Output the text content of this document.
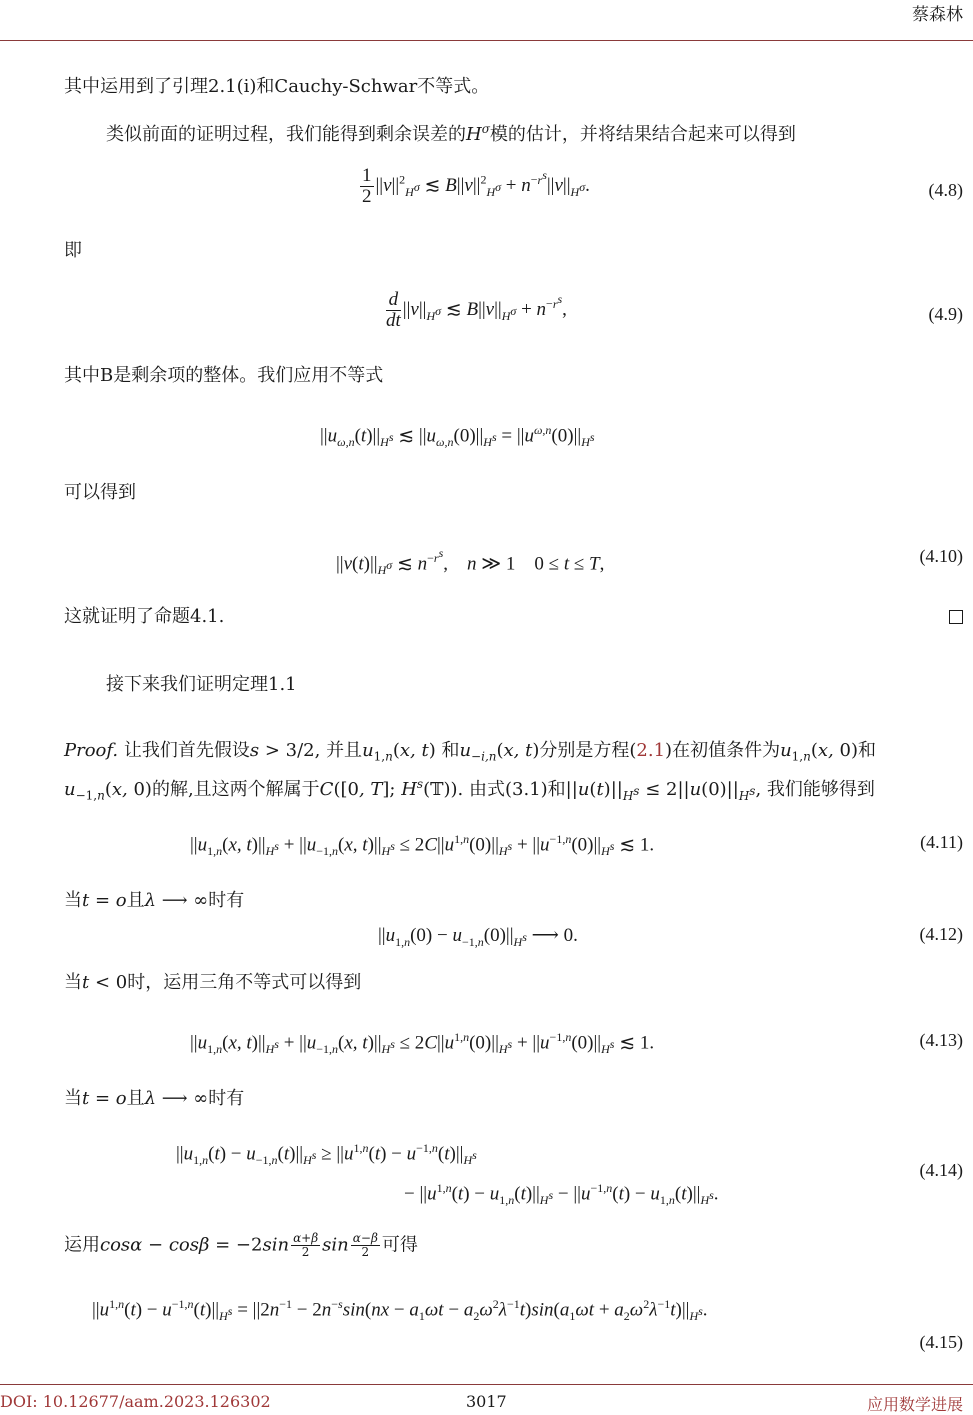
蔡森林
其中运用到了引理2.1(i)和Cauchy-Schwar不等式。
类似前面的证明过程，我们能得到剩余误差的$H^\sigma$模的估计，并将结果结合起来可以得到
$\frac{1}{2} ||v||^2_{H^\sigma}$ ≲ $B||v||^2_{H^\sigma} + n^{-r^s}||v||_{H^\sigma}$.	(4.8)
即
$\frac{d}{dt} ||v||_{H^\sigma}$ ≲ $B||v||_{H^\sigma} + n^{-r^s}$,	(4.9)
其中B是剩余项的整体。我们应用不等式
$||u_{\omega,n}(t)||_{H^s}$ ≲ $||u_{\omega,n}(0)||_{H^s} = ||u^{\omega,n}(0)||_{H^s}$
可以得到
$||v(t)||_{H^\sigma}$ ≲ $n^{-r^s}$,    n ≫ 1    0 ≤ t ≤ T,	(4.10)
这就证明了命题4.1.
接下来我们证明定理1.1
Proof. 让我们首先假设s > 3/2, 并且$u_{1,n}(x$, t) 和$u_{-i,n}(x$, t)分别是方程(2.1)在初值条件为$u_{1,n}(x$, 0)和
$u_{-1,n}(x$, 0)的解,且这两个解属于C([0, T]; $H^s(𝕋)$). 由式(3.1)和$||u(t)||_{H^s} \le 2||u(0)||_{H^s}$, 我们能够得到
$||u_{1,n}(x$, $t)||_{H^s} + ||u_{-1,n}(x$, $t)||_{H^s} \le 2C||u^{1,n}(0)||_{H^s} + ||u^{-1,n}(0)||_{H^s}$ ≲ 1.	(4.11)
当t = o且λ ⟶ ∞时有
$||u_{1,n}(0) - u_{-1,n}(0)||_{H^s}$ ⟶ 0.	(4.12)
当t < 0时，运用三角不等式可以得到
$||u_{1,n}(x$, $t)||_{H^s} + ||u_{-1,n}(x$, $t)||_{H^s} \le 2C||u^{1,n}(0)||_{H^s} + ||u^{-1,n}(0)||_{H^s}$ ≲ 1.	(4.13)
当t = o且λ ⟶ ∞时有
$||u_{1,n}(t) - u_{-1,n}(t)||_{H^s} \ge ||u^{1,n}(t) - u^{-1,n}(t)||_{H^s}$
− $||u^{1,n}(t) - u_{1,n}(t)||_{H^s} - ||u^{-1,n}(t) - u_{1,n}(t)||_{H^s}$.
(4.14)
运用$\cos\alpha - \cos\beta = -2\sin \frac{\alpha+\beta}{2}$ $\sin \frac{\alpha-\beta}{2}$ 可得
$||u^{1,n}(t) - u^{-1,n}(t)||_{H^s} = ||2n^{-1} - 2n^{-s}\sin(nx - a_1\omega t - a_2\omega^2\lambda^{-1}t)\sin(a_1\omega t + a_2\omega^2\lambda^{-1}t)||_{H^s}$.
(4.15)
DOI: 10.12677/aam.2023.126302	3017	应用数学进展
